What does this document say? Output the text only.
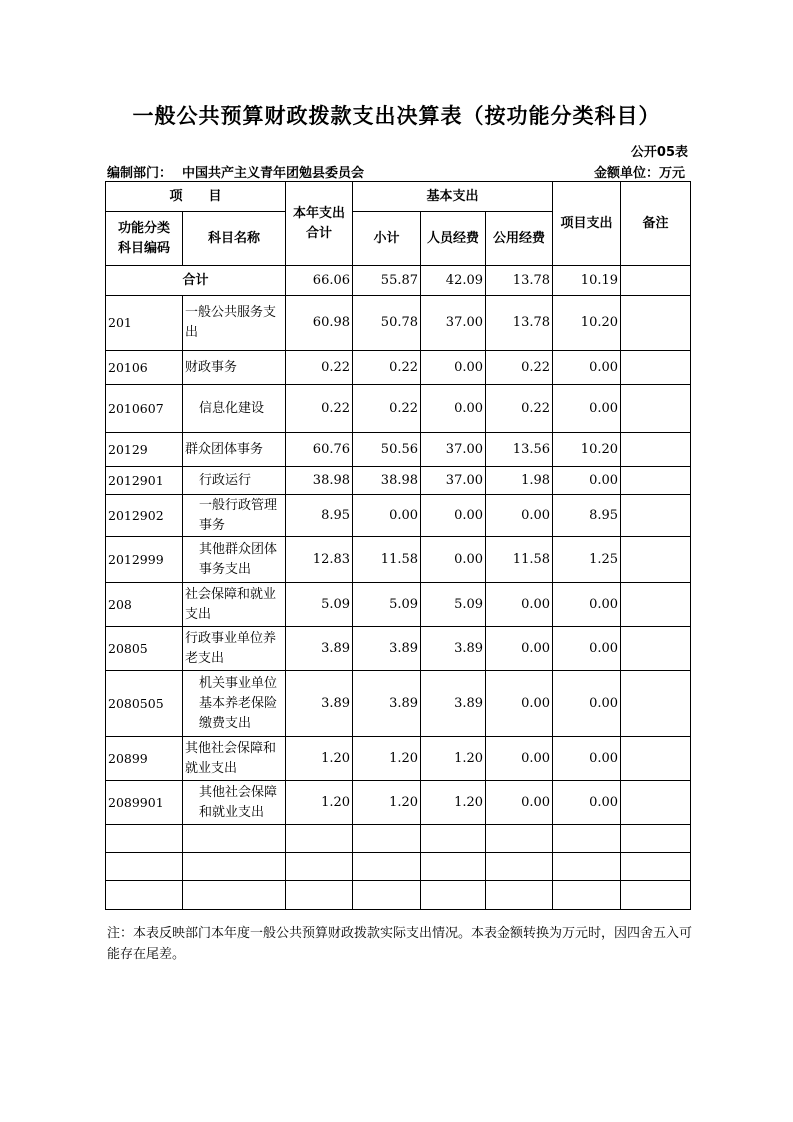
一般公共预算财政拨款支出决算表（按功能分类科目）
公开05表
编制部门： 中国共产主义青年团勉县委员会	金额单位：万元
项　　目		本年支出
合计	基本支出			项目支出	备注
功能分类
科目编码	科目名称		小计	人员经费	公用经费		
合计		66.06	55.87	42.09	13.78	10.19	
201	一般公共服务支出	60.98	50.78	37.00	13.78	10.20	
20106	财政事务	0.22	0.22	0.00	0.22	0.00	
2010607	信息化建设	0.22	0.22	0.00	0.22	0.00	
20129	群众团体事务	60.76	50.56	37.00	13.56	10.20	
2012901	行政运行	38.98	38.98	37.00	1.98	0.00	
2012902	一般行政管理事务	8.95	0.00	0.00	0.00	8.95	
2012999	其他群众团体事务支出	12.83	11.58	0.00	11.58	1.25	
208	社会保障和就业支出	5.09	5.09	5.09	0.00	0.00	
20805	行政事业单位养老支出	3.89	3.89	3.89	0.00	0.00	
2080505	机关事业单位基本养老保险缴费支出	3.89	3.89	3.89	0.00	0.00	
20899	其他社会保障和就业支出	1.20	1.20	1.20	0.00	0.00	
2089901	其他社会保障和就业支出	1.20	1.20	1.20	0.00	0.00	

注：本表反映部门本年度一般公共预算财政拨款实际支出情况。本表金额转换为万元时，因四舍五入可能存在尾差。
